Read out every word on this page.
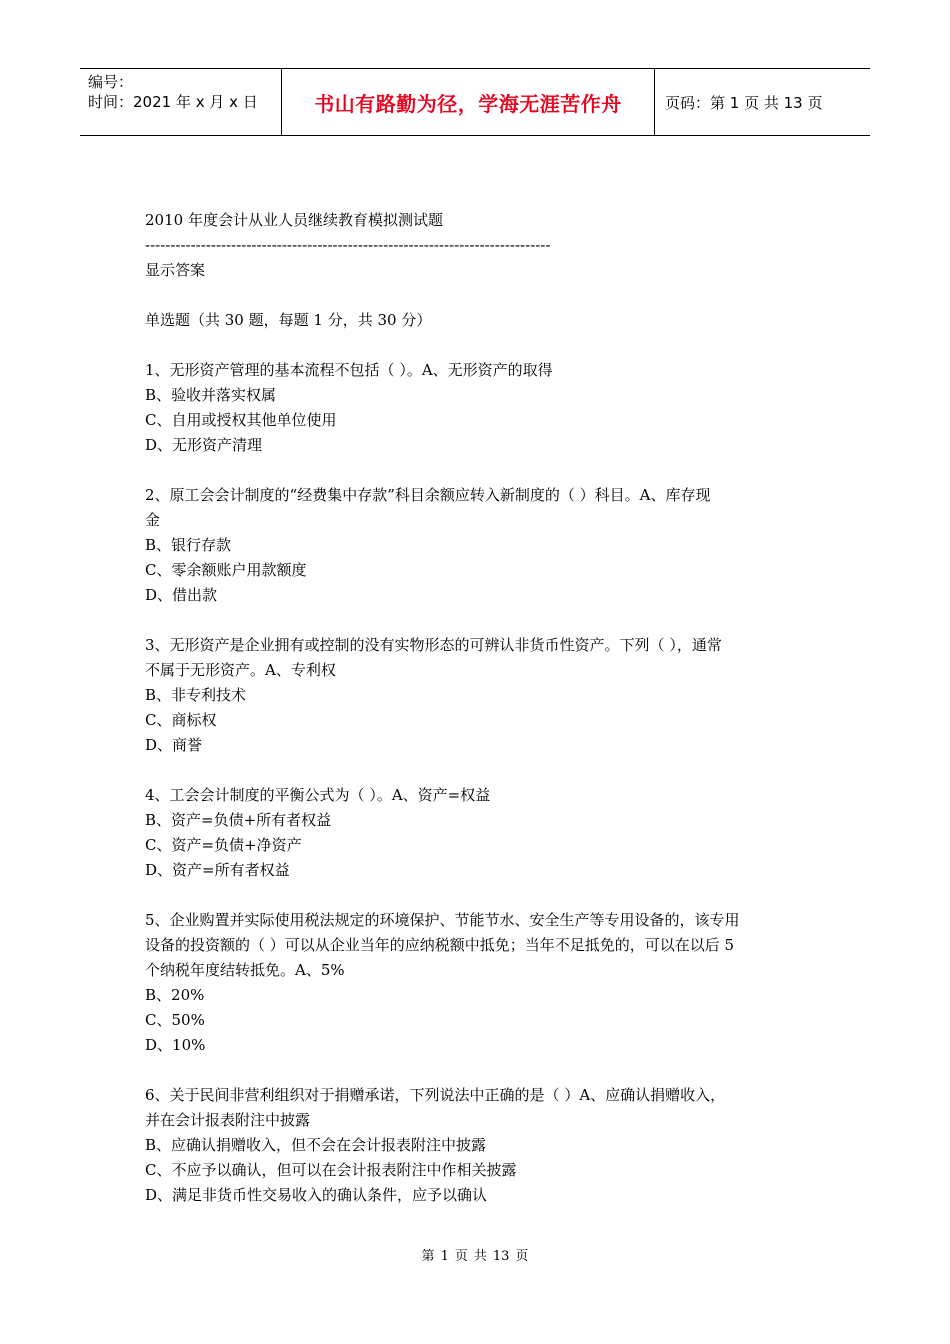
编号：
时间：2021 年 x 月 x 日	书山有路勤为径，学海无涯苦作舟	页码：第 1 页 共 13 页

2010 年度会计从业人员继续教育模拟测试题

--------------------------------------------------------------------------------

显示答案

单选题（共 30 题，每题 1 分，共 30 分）

1、无形资产管理的基本流程不包括（ ）。A、无形资产的取得

B、验收并落实权属

C、自用或授权其他单位使用

D、无形资产清理

2、原工会会计制度的“经费集中存款”科目余额应转入新制度的（ ）科目。A、库存现

金

B、银行存款

C、零余额账户用款额度

D、借出款

3、无形资产是企业拥有或控制的没有实物形态的可辨认非货币性资产。下列（ ），通常

不属于无形资产。A、专利权

B、非专利技术

C、商标权

D、商誉

4、工会会计制度的平衡公式为（ ）。A、资产=权益

B、资产=负债+所有者权益

C、资产=负债+净资产

D、资产=所有者权益

5、企业购置并实际使用税法规定的环境保护、节能节水、安全生产等专用设备的，该专用

设备的投资额的（ ）可以从企业当年的应纳税额中抵免；当年不足抵免的，可以在以后 5

个纳税年度结转抵免。A、5%

B、20%

C、50%

D、10%

6、关于民间非营利组织对于捐赠承诺，下列说法中正确的是（ ）A、应确认捐赠收入，

并在会计报表附注中披露

B、应确认捐赠收入，但不会在会计报表附注中披露

C、不应予以确认，但可以在会计报表附注中作相关披露

D、满足非货币性交易收入的确认条件，应予以确认

第 1 页 共 13 页
